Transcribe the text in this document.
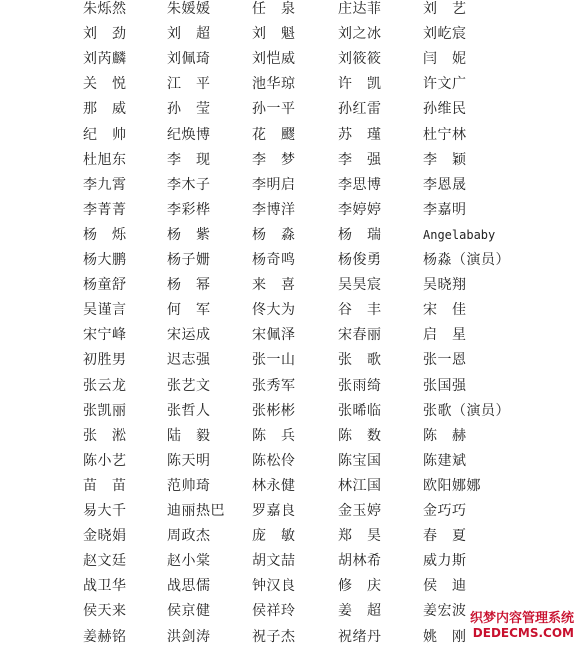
朱烁然	朱媛媛	任　泉	庄达菲	刘　艺
刘　劲	刘　超	刘　魁	刘之冰	刘屹宸
刘芮麟	刘佩琦	刘恺威	刘筱筱	闫　妮
关　悦	江　平	池华琼	许　凯	许文广
那　威	孙　莹	孙一平	孙红雷	孙维民
纪　帅	纪焕博	花　飂	苏　瑾	杜宁林
杜旭东	李　现	李　梦	李　强	李　颖
李九霄	李木子	李明启	李思博	李恩晟
李菁菁	李彩桦	李博洋	李婷婷	李嘉明
杨　烁	杨　紫	杨　淼	杨　瑞	Angelababy
杨大鹏	杨子姗	杨奇鸣	杨俊勇	杨淼（演员）
杨童舒	杨　幂	来　喜	吴昊宸	吴晓翔
吴谨言	何　军	佟大为	谷　丰	宋　佳
宋宁峰	宋运成	宋佩泽	宋春丽	启　星
初胜男	迟志强	张一山	张　歌	张一恩
张云龙	张艺文	张秀军	张雨绮	张国强
张凯丽	张哲人	张彬彬	张晞临	张歌（演员）
张　淞	陆　毅	陈　兵	陈　数	陈　赫
陈小艺	陈天明	陈松伶	陈宝国	陈建斌
苗　苗	范帅琦	林永健	林江国	欧阳娜娜
易大千	迪丽热巴 罗嘉良	金玉婷	金巧巧
金晓娟	周政杰	庞　敏	郑　昊	春　夏
赵文廷	赵小棠	胡文喆	胡林希	威力斯
战卫华	战思儒	钟汉良	修　庆	侯　迪
侯天来	侯京健	侯祥玲	姜　超	姜宏波
姜赫铭	洪剑涛	祝子杰	祝绪丹	姚　刚
织梦内容管理系统
DEDECMS.COM
